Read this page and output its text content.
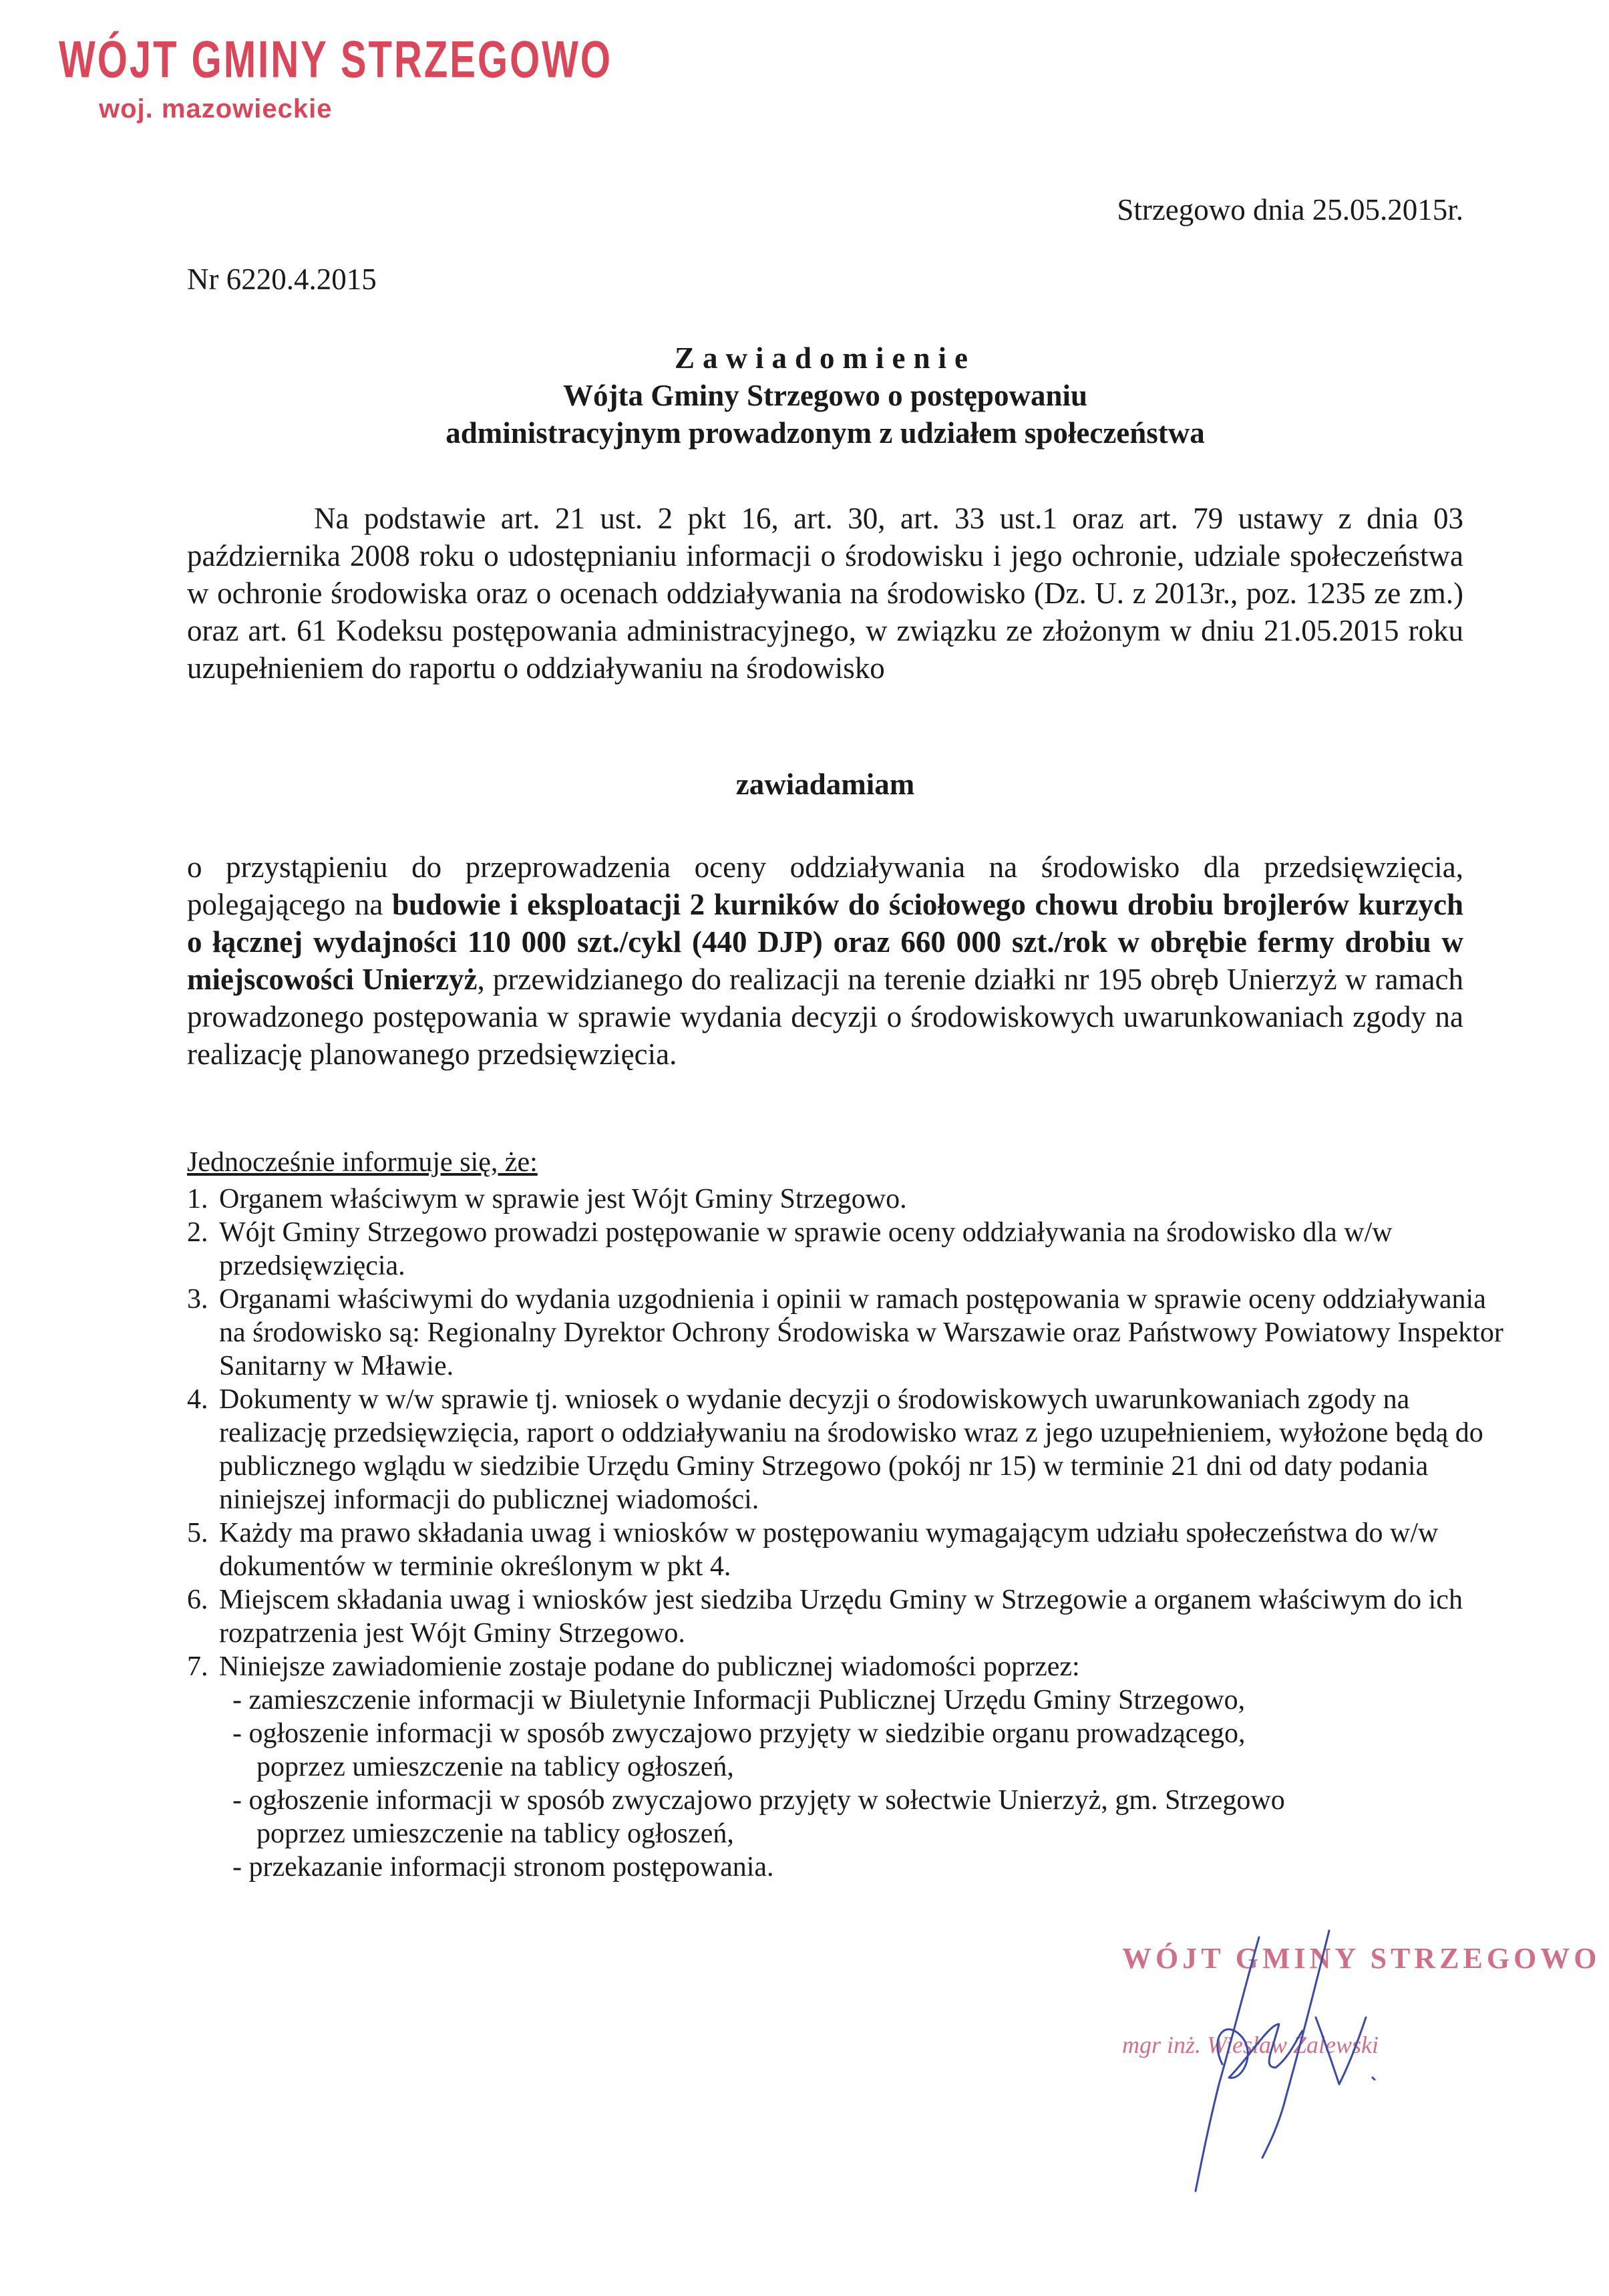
WÓJT GMINY STRZEGOWO
woj. mazowieckie
Strzegowo dnia 25.05.2015r.
Nr 6220.4.2015
Zawiadomienie
Wójta Gminy Strzegowo o postępowaniu
administracyjnym prowadzonym z udziałem społeczeństwa
Na podstawie art. 21 ust. 2 pkt 16, art. 30, art. 33 ust.1 oraz art. 79 ustawy z dnia 03 października 2008 roku o udostępnianiu informacji o środowisku i jego ochronie, udziale społeczeństwa w ochronie środowiska oraz o ocenach oddziaływania na środowisko (Dz. U. z 2013r., poz. 1235 ze zm.) oraz art. 61 Kodeksu postępowania administracyjnego, w związku ze złożonym w dniu 21.05.2015 roku uzupełnieniem do raportu o oddziaływaniu na środowisko
zawiadamiam
o przystąpieniu do przeprowadzenia oceny oddziaływania na środowisko dla przedsięwzięcia, polegającego na budowie i eksploatacji 2 kurników do ściołowego chowu drobiu brojlerów kurzych o łącznej wydajności 110 000 szt./cykl (440 DJP) oraz 660 000 szt./rok w obrębie fermy drobiu w miejscowości Unierzyż, przewidzianego do realizacji na terenie działki nr 195 obręb Unierzyż w ramach prowadzonego postępowania w sprawie wydania decyzji o środowiskowych uwarunkowaniach zgody na realizację planowanego przedsięwzięcia.
Jednocześnie informuje się, że:
1. Organem właściwym w sprawie jest Wójt Gminy Strzegowo.
2. Wójt Gminy Strzegowo prowadzi postępowanie w sprawie oceny oddziaływania na środowisko dla w/w przedsięwzięcia.
3. Organami właściwymi do wydania uzgodnienia i opinii w ramach postępowania w sprawie oceny oddziaływania na środowisko są: Regionalny Dyrektor Ochrony Środowiska w Warszawie oraz Państwowy Powiatowy Inspektor Sanitarny w Mławie.
4. Dokumenty w w/w sprawie tj. wniosek o wydanie decyzji o środowiskowych uwarunkowaniach zgody na realizację przedsięwzięcia, raport o oddziaływaniu na środowisko wraz z jego uzupełnieniem, wyłożone będą do publicznego wglądu w siedzibie Urzędu Gminy Strzegowo (pokój nr 15) w terminie 21 dni od daty podania niniejszej informacji do publicznej wiadomości.
5. Każdy ma prawo składania uwag i wniosków w postępowaniu wymagającym udziału społeczeństwa do w/w dokumentów w terminie określonym w pkt 4.
6. Miejscem składania uwag i wniosków jest siedziba Urzędu Gminy w Strzegowie a organem właściwym do ich rozpatrzenia jest Wójt Gminy Strzegowo.
7. Niniejsze zawiadomienie zostaje podane do publicznej wiadomości poprzez:
- zamieszczenie informacji w Biuletynie Informacji Publicznej Urzędu Gminy Strzegowo,
- ogłoszenie informacji w sposób zwyczajowo przyjęty w siedzibie organu prowadzącego,
poprzez umieszczenie na tablicy ogłoszeń,
- ogłoszenie informacji w sposób zwyczajowo przyjęty w sołectwie Unierzyż, gm. Strzegowo
poprzez umieszczenie na tablicy ogłoszeń,
- przekazanie informacji stronom postępowania.
WÓJT GMINY STRZEGOWO
mgr inż. Wiesław Zalewski
